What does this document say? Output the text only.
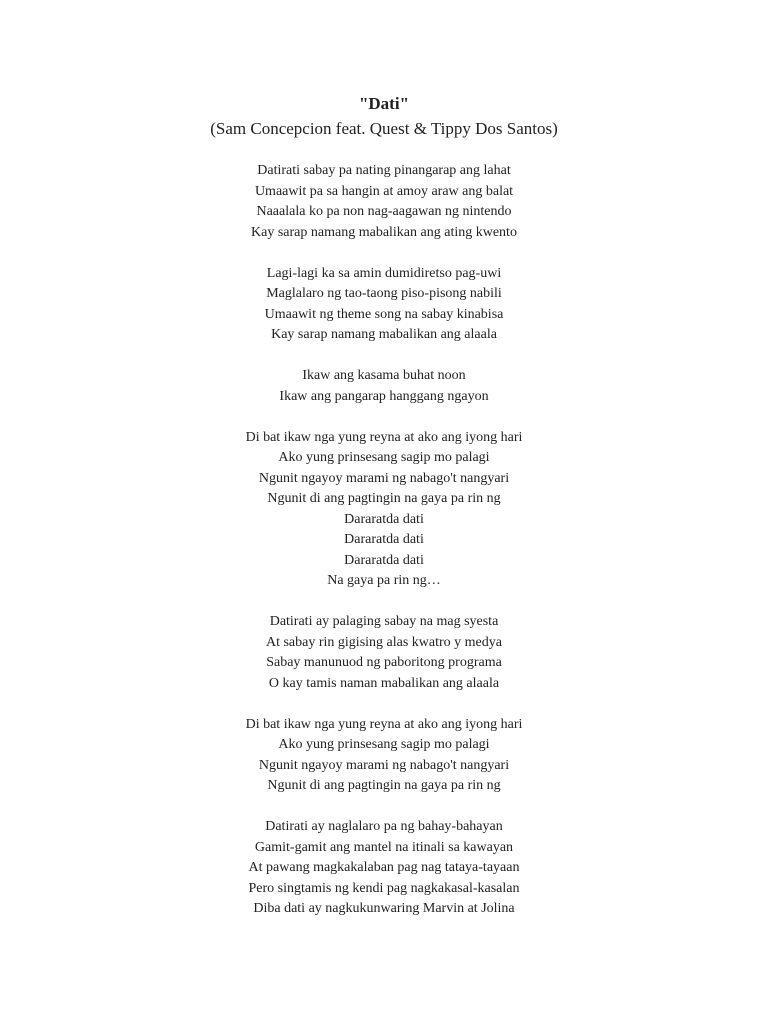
"Dati"
(Sam Concepcion feat. Quest & Tippy Dos Santos)
Datirati sabay pa nating pinangarap ang lahat
Umaawit pa sa hangin at amoy araw ang balat
Naaalala ko pa non nag-aagawan ng nintendo
Kay sarap namang mabalikan ang ating kwento
Lagi-lagi ka sa amin dumidiretso pag-uwi
Maglalaro ng tao-taong piso-pisong nabili
Umaawit ng theme song na sabay kinabisa
Kay sarap namang mabalikan ang alaala
Ikaw ang kasama buhat noon
Ikaw ang pangarap hanggang ngayon
Di bat ikaw nga yung reyna at ako ang iyong hari
Ako yung prinsesang sagip mo palagi
Ngunit ngayoy marami ng nabago't nangyari
Ngunit di ang pagtingin na gaya pa rin ng
Dararatda dati
Dararatda dati
Dararatda dati
Na gaya pa rin ng…
Datirati ay palaging sabay na mag syesta
At sabay rin gigising alas kwatro y medya
Sabay manunuod ng paboritong programa
O kay tamis naman mabalikan ang alaala
Di bat ikaw nga yung reyna at ako ang iyong hari
Ako yung prinsesang sagip mo palagi
Ngunit ngayoy marami ng nabago't nangyari
Ngunit di ang pagtingin na gaya pa rin ng
Datirati ay naglalaro pa ng bahay-bahayan
Gamit-gamit ang mantel na itinali sa kawayan
At pawang magkakalaban pag nag tataya-tayaan
Pero singtamis ng kendi pag nagkakasal-kasalan
Diba dati ay nagkukunwaring Marvin at Jolina
